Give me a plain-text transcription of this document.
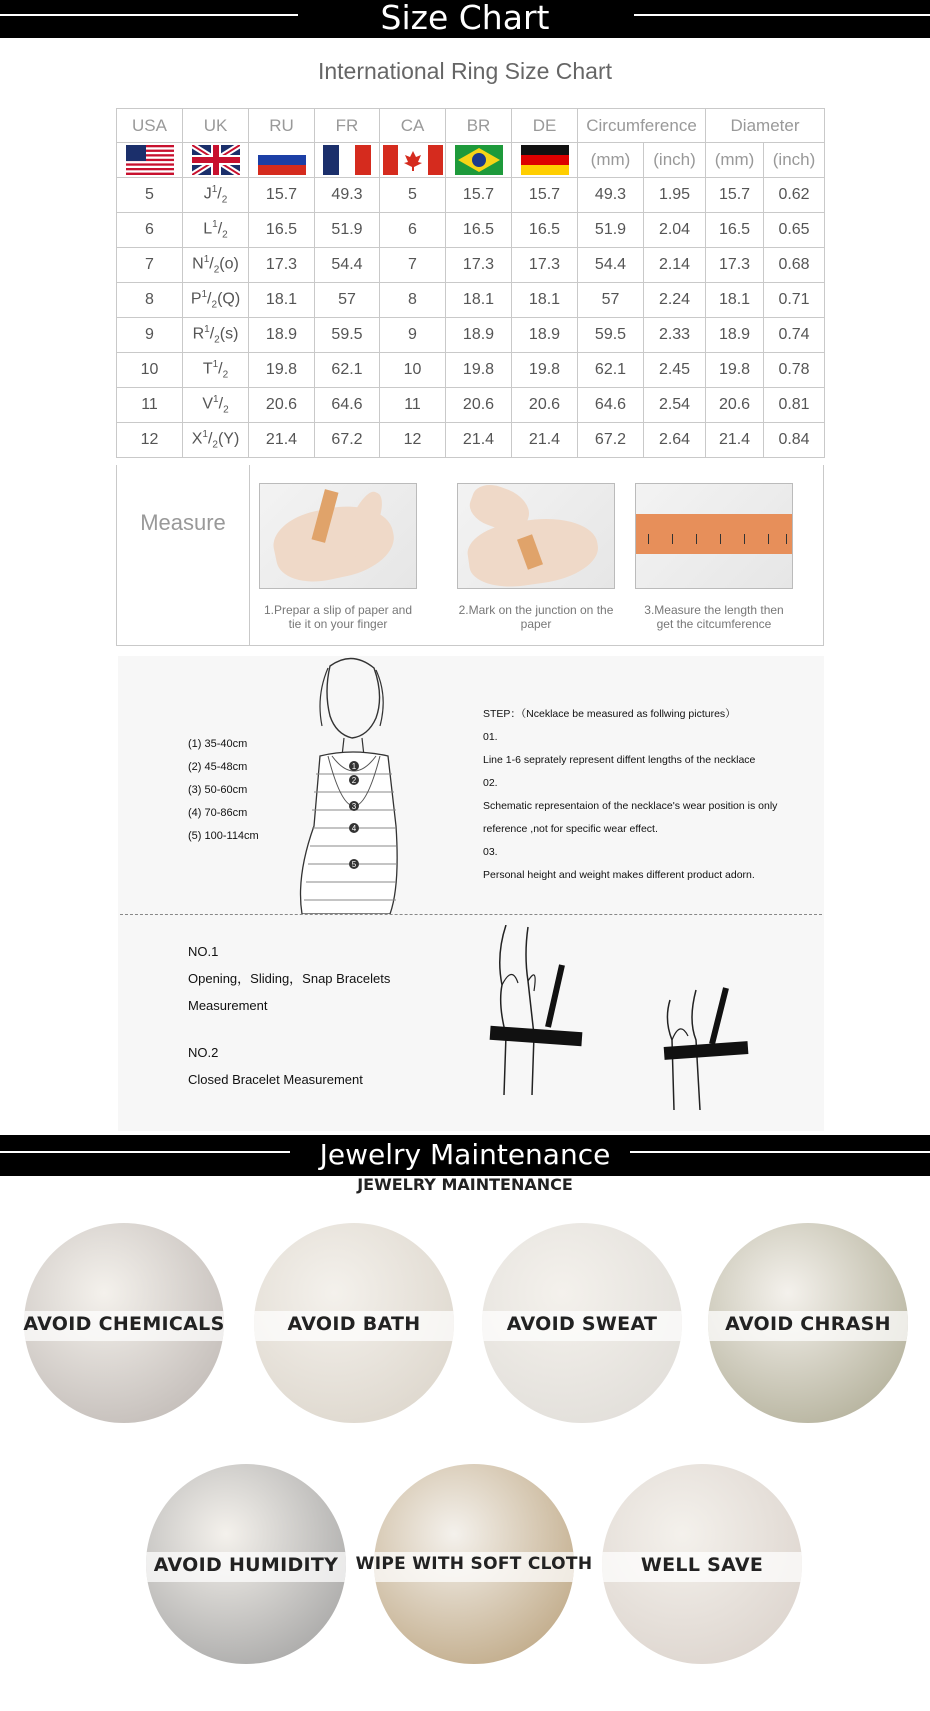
Size Chart
International Ring Size Chart
USA	UK	RU	FR	CA	BR	DE	Circumference		Diameter	
							(mm)	(inch)	(mm)	(inch)
5	$J^1/_2$	15.7	49.3	5	15.7	15.7	49.3	1.95	15.7	0.62
6	$L^1/_2$	16.5	51.9	6	16.5	16.5	51.9	2.04	16.5	0.65
7	$N^1/_2(o)$	17.3	54.4	7	17.3	17.3	54.4	2.14	17.3	0.68
8	$P^1/_2(Q)$	18.1	57	8	18.1	18.1	57	2.24	18.1	0.71
9	$R^1/_2(s)$	18.9	59.5	9	18.9	18.9	59.5	2.33	18.9	0.74
10	$T^1/_2$	19.8	62.1	10	19.8	19.8	62.1	2.45	19.8	0.78
11	$V^1/_2$	20.6	64.6	11	20.6	20.6	64.6	2.54	20.6	0.81
12	$X^1/_2(Y)$	21.4	67.2	12	21.4	21.4	67.2	2.64	21.4	0.84
Measure
1.Prepar a slip of paper and tie it on your finger
2.Mark on the junction on the paper
3.Measure the length then get the citcumference
1
2
3
4
5
(1) 35-40cm
(2) 45-48cm
(3) 50-60cm
(4) 70-86cm
(5) 100-114cm
STEP：（Nceklace be measured as follwing pictures）
01.
Line 1-6 seprately represent diffent lengths of the necklace
02.
Schematic representaion of the necklace's wear position is only
reference ,not for specific wear effect.
03.
Personal height and weight makes different product adorn.
NO.1
Opening，Sliding，Snap Bracelets
Measurement
NO.2
Closed Bracelet Measurement
Jewelry Maintenance
JEWELRY MAINTENANCE
AVOID CHEMICALS	AVOID BATH	AVOID SWEAT	AVOID CHRASH
AVOID HUMIDITY	WIPE WITH SOFT CLOTH	WELL SAVE
